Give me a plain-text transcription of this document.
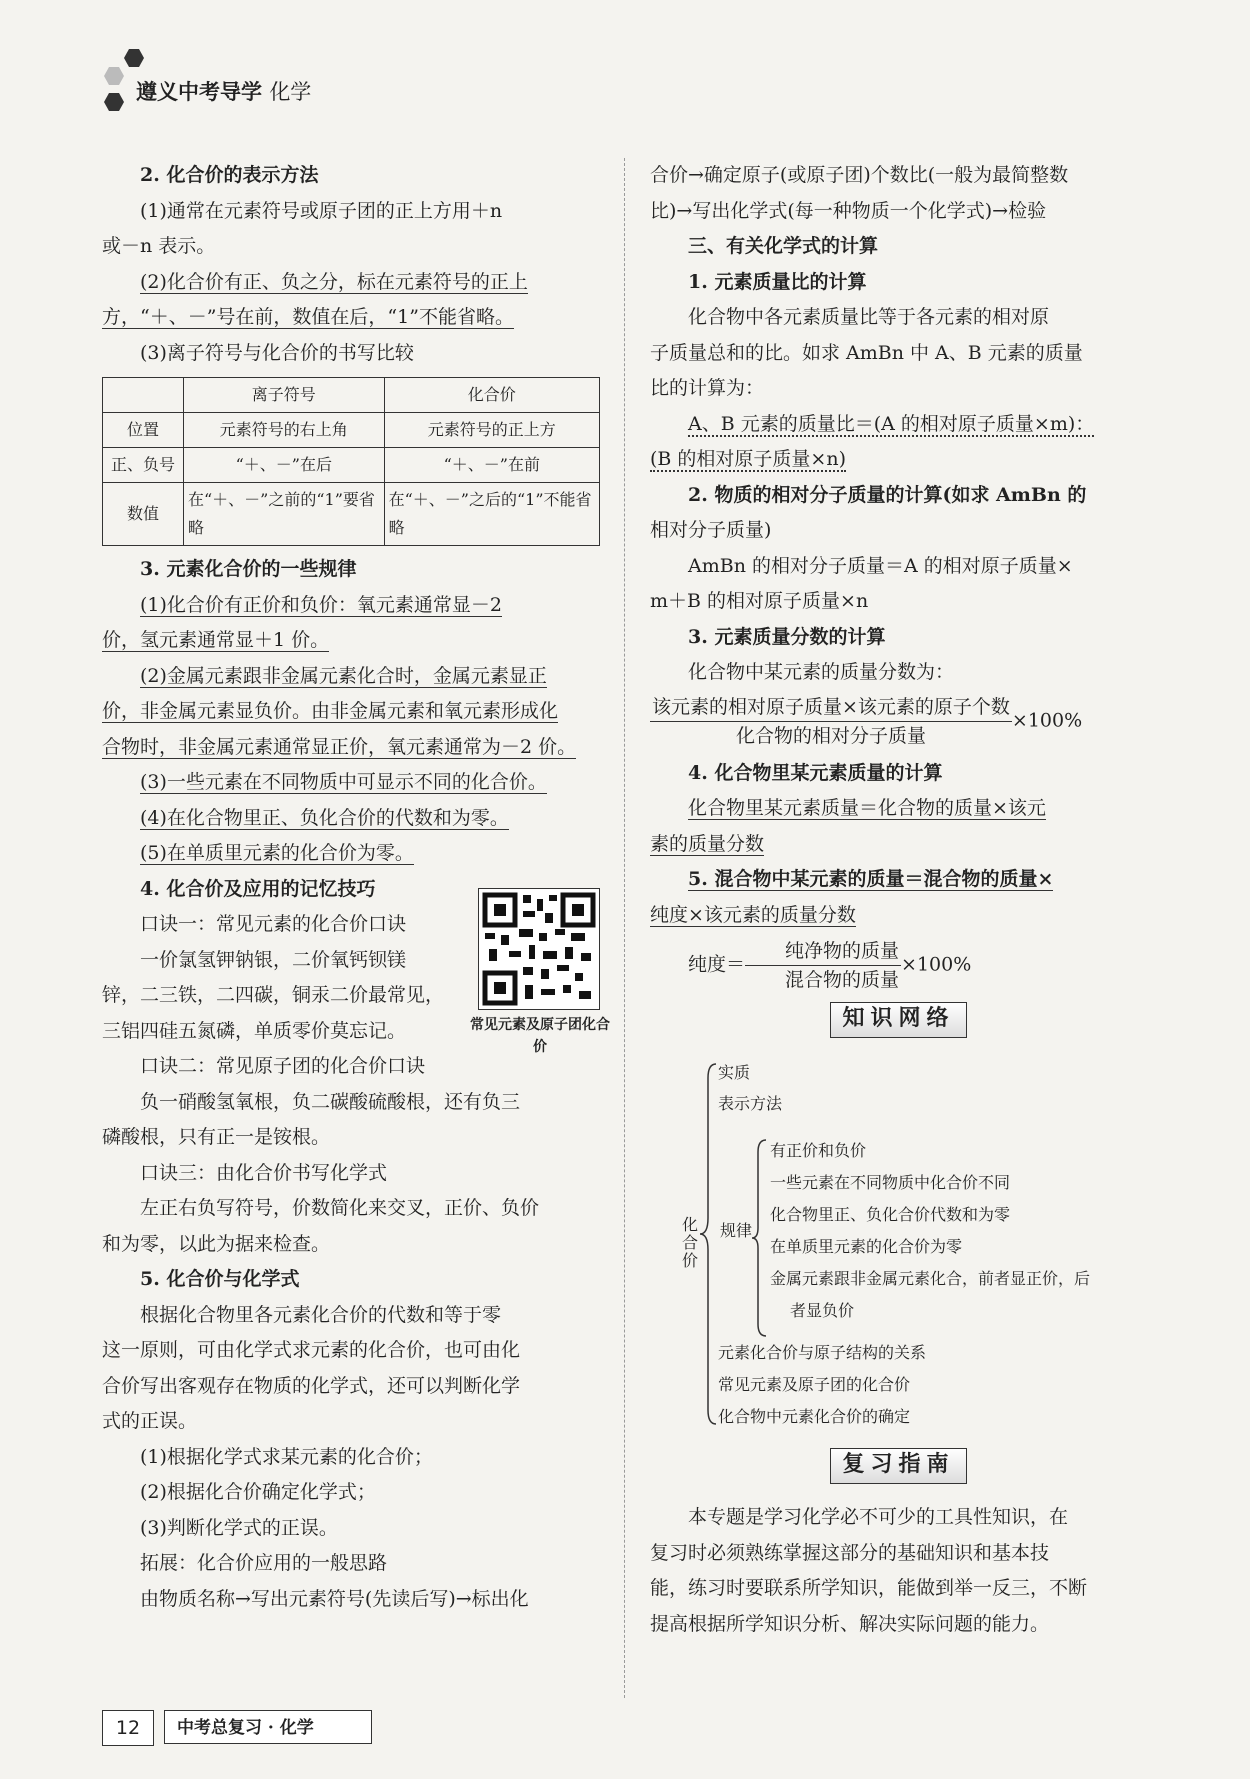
遵义中考导学 化学

2. 化合价的表示方法

(1)通常在元素符号或原子团的正上方用＋n

或－n 表示。

(2)化合价有正、负之分，标在元素符号的正上

方，“＋、－”号在前，数值在后，“1”不能省略。

(3)离子符号与化合价的书写比较

	离子符号	化合价
位置	元素符号的右上角	元素符号的正上方
正、负号	“＋、－”在后	“＋、－”在前
数值	在“＋、－”之前的“1”要省略	在“＋、－”之后的“1”不能省略

3. 元素化合价的一些规律

(1)化合价有正价和负价：氧元素通常显－2

价，氢元素通常显＋1 价。

(2)金属元素跟非金属元素化合时，金属元素显正

价，非金属元素显负价。由非金属元素和氧元素形成化

合物时，非金属元素通常显正价，氧元素通常为－2 价。

(3)一些元素在不同物质中可显示不同的化合价。

(4)在化合物里正、负化合价的代数和为零。

(5)在单质里元素的化合价为零。

4. 化合价及应用的记忆技巧

口诀一：常见元素的化合价口诀

一价氯氢钾钠银，二价氧钙钡镁

锌，二三铁，二四碳，铜汞二价最常见，

三铝四硅五氮磷，单质零价莫忘记。

口诀二：常见原子团的化合价口诀

负一硝酸氢氧根，负二碳酸硫酸根，还有负三

磷酸根，只有正一是铵根。

口诀三：由化合价书写化学式

左正右负写符号，价数简化来交叉，正价、负价

和为零，以此为据来检查。

5. 化合价与化学式

根据化合物里各元素化合价的代数和等于零

这一原则，可由化学式求元素的化合价，也可由化

合价写出客观存在物质的化学式，还可以判断化学

式的正误。

(1)根据化学式求某元素的化合价；

(2)根据化合价确定化学式；

(3)判断化学式的正误。

拓展：化合价应用的一般思路

由物质名称→写出元素符号(先读后写)→标出化

常见元素及原子团化合价

合价→确定原子(或原子团)个数比(一般为最简整数

比)→写出化学式(每一种物质一个化学式)→检验

三、有关化学式的计算

1. 元素质量比的计算

化合物中各元素质量比等于各元素的相对原

子质量总和的比。如求 AmBn 中 A、B 元素的质量

比的计算为：

A、B 元素的质量比＝(A 的相对原子质量×m)：

(B 的相对原子质量×n)

2. 物质的相对分子质量的计算(如求 AmBn 的

相对分子质量)

AmBn 的相对分子质量＝A 的相对原子质量×

m＋B 的相对原子质量×n

3. 元素质量分数的计算

化合物中某元素的质量分数为：

$\frac{\text{该元素的相对原子质量×该元素的原子个数}}{\text{化合物的相对分子质量}} \times 100\%$

4. 化合物里某元素质量的计算

化合物里某元素质量＝化合物的质量×该元

素的质量分数

5. 混合物中某元素的质量＝混合物的质量×

纯度×该元素的质量分数

纯度＝ $\frac{\text{纯净物的质量}}{\text{混合物的质量}} \times 100\%$

知识网络
化合价
实质
表示方法
规律
有正价和负价
一些元素在不同物质中化合价不同
化合物里正、负化合价代数和为零
在单质里元素的化合价为零
金属元素跟非金属元素化合，前者显正价，后
者显负价
元素化合价与原子结构的关系
常见元素及原子团的化合价
化合物中元素化合价的确定
复习指南

本专题是学习化学必不可少的工具性知识，在

复习时必须熟练掌握这部分的基础知识和基本技

能，练习时要联系所学知识，能做到举一反三，不断

提高根据所学知识分析、解决实际问题的能力。

12	中考总复习 · 化学
